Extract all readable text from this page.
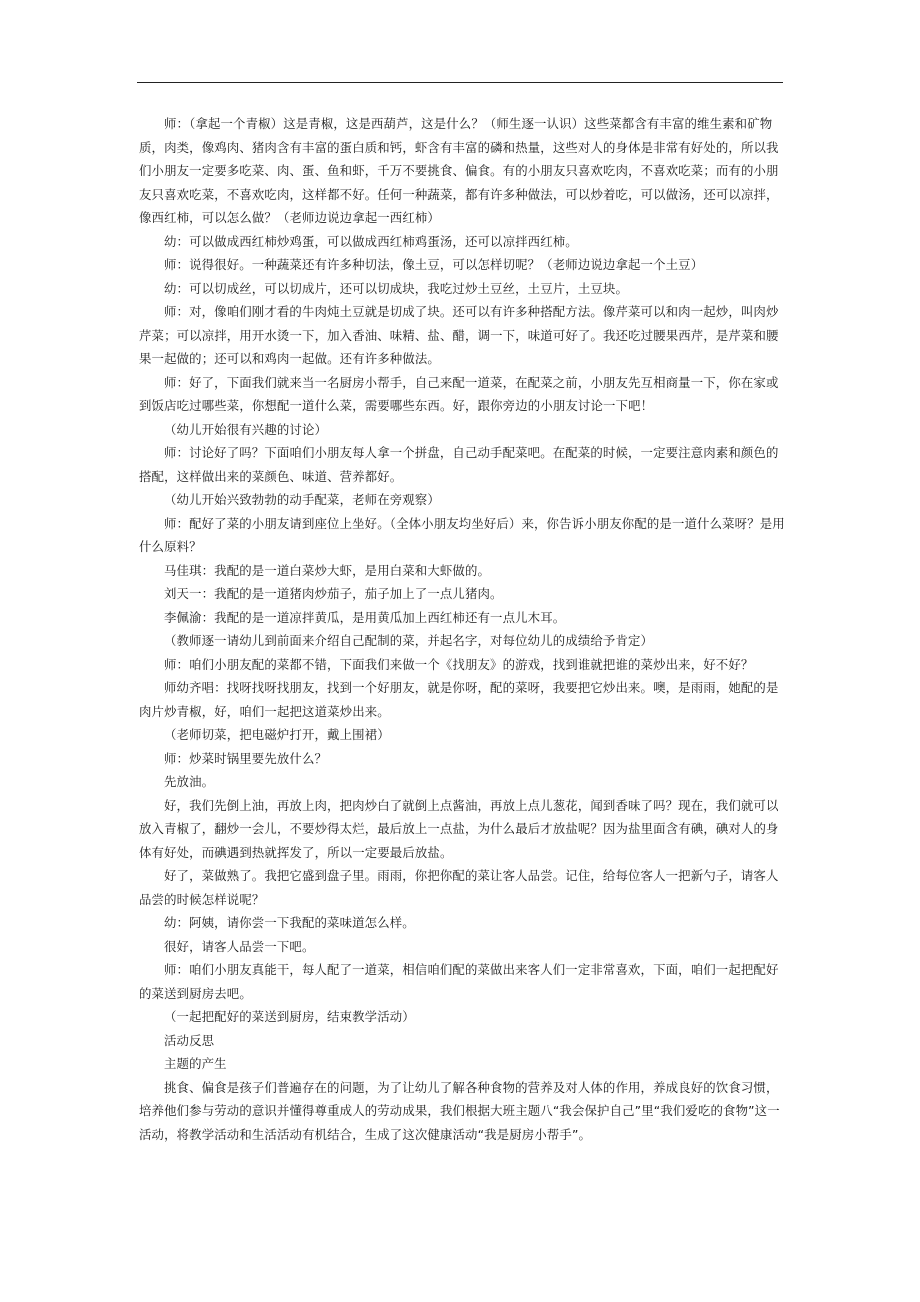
师：（拿起一个青椒）这是青椒，这是西葫芦，这是什么？（师生逐一认识）这些菜都含有丰富的维生素和矿物质，肉类，像鸡肉、猪肉含有丰富的蛋白质和钙，虾含有丰富的磷和热量，这些对人的身体是非常有好处的，所以我们小朋友一定要多吃菜、肉、蛋、鱼和虾，千万不要挑食、偏食。有的小朋友只喜欢吃肉，不喜欢吃菜；而有的小朋友只喜欢吃菜，不喜欢吃肉，这样都不好。任何一种蔬菜，都有许多种做法，可以炒着吃，可以做汤，还可以凉拌，像西红柿，可以怎么做？（老师边说边拿起一西红柿）

幼：可以做成西红柿炒鸡蛋，可以做成西红柿鸡蛋汤，还可以凉拌西红柿。

师：说得很好。一种蔬菜还有许多种切法，像土豆，可以怎样切呢？（老师边说边拿起一个土豆）

幼：可以切成丝，可以切成片，还可以切成块，我吃过炒土豆丝，土豆片，土豆块。

师：对，像咱们刚才看的牛肉炖土豆就是切成了块。还可以有许多种搭配方法。像芹菜可以和肉一起炒，叫肉炒芹菜；可以凉拌，用开水烫一下，加入香油、味精、盐、醋，调一下，味道可好了。我还吃过腰果西芹，是芹菜和腰果一起做的；还可以和鸡肉一起做。还有许多种做法。

师：好了，下面我们就来当一名厨房小帮手，自己来配一道菜，在配菜之前，小朋友先互相商量一下，你在家或到饭店吃过哪些菜，你想配一道什么菜，需要哪些东西。好，跟你旁边的小朋友讨论一下吧！

（幼儿开始很有兴趣的讨论）

师：讨论好了吗？下面咱们小朋友每人拿一个拼盘，自己动手配菜吧。在配菜的时候，一定要注意肉素和颜色的搭配，这样做出来的菜颜色、味道、营养都好。

（幼儿开始兴致勃勃的动手配菜，老师在旁观察）

师：配好了菜的小朋友请到座位上坐好。（全体小朋友均坐好后）来，你告诉小朋友你配的是一道什么菜呀？是用什么原料？

马佳琪：我配的是一道白菜炒大虾，是用白菜和大虾做的。

刘天一：我配的是一道猪肉炒茄子，茄子加上了一点儿猪肉。

李佩渝：我配的是一道凉拌黄瓜，是用黄瓜加上西红柿还有一点儿木耳。

（教师逐一请幼儿到前面来介绍自己配制的菜，并起名字，对每位幼儿的成绩给予肯定）

师：咱们小朋友配的菜都不错，下面我们来做一个《找朋友》的游戏，找到谁就把谁的菜炒出来，好不好？

师幼齐唱：找呀找呀找朋友，找到一个好朋友，就是你呀，配的菜呀，我要把它炒出来。噢，是雨雨，她配的是肉片炒青椒，好，咱们一起把这道菜炒出来。

（老师切菜，把电磁炉打开，戴上围裙）

师：炒菜时锅里要先放什么？

先放油。

好，我们先倒上油，再放上肉，把肉炒白了就倒上点酱油，再放上点儿葱花，闻到香味了吗？现在，我们就可以放入青椒了，翻炒一会儿，不要炒得太烂，最后放上一点盐，为什么最后才放盐呢？因为盐里面含有碘，碘对人的身体有好处，而碘遇到热就挥发了，所以一定要最后放盐。

好了，菜做熟了。我把它盛到盘子里。雨雨，你把你配的菜让客人品尝。记住，给每位客人一把新勺子，请客人品尝的时候怎样说呢？

幼：阿姨，请你尝一下我配的菜味道怎么样。

很好，请客人品尝一下吧。

师：咱们小朋友真能干，每人配了一道菜，相信咱们配的菜做出来客人们一定非常喜欢，下面，咱们一起把配好的菜送到厨房去吧。

（一起把配好的菜送到厨房，结束教学活动）

活动反思

主题的产生

挑食、偏食是孩子们普遍存在的问题，为了让幼儿了解各种食物的营养及对人体的作用，养成良好的饮食习惯，培养他们参与劳动的意识并懂得尊重成人的劳动成果，我们根据大班主题八“我会保护自己”里“我们爱吃的食物”这一活动，将教学活动和生活活动有机结合，生成了这次健康活动“我是厨房小帮手”。
